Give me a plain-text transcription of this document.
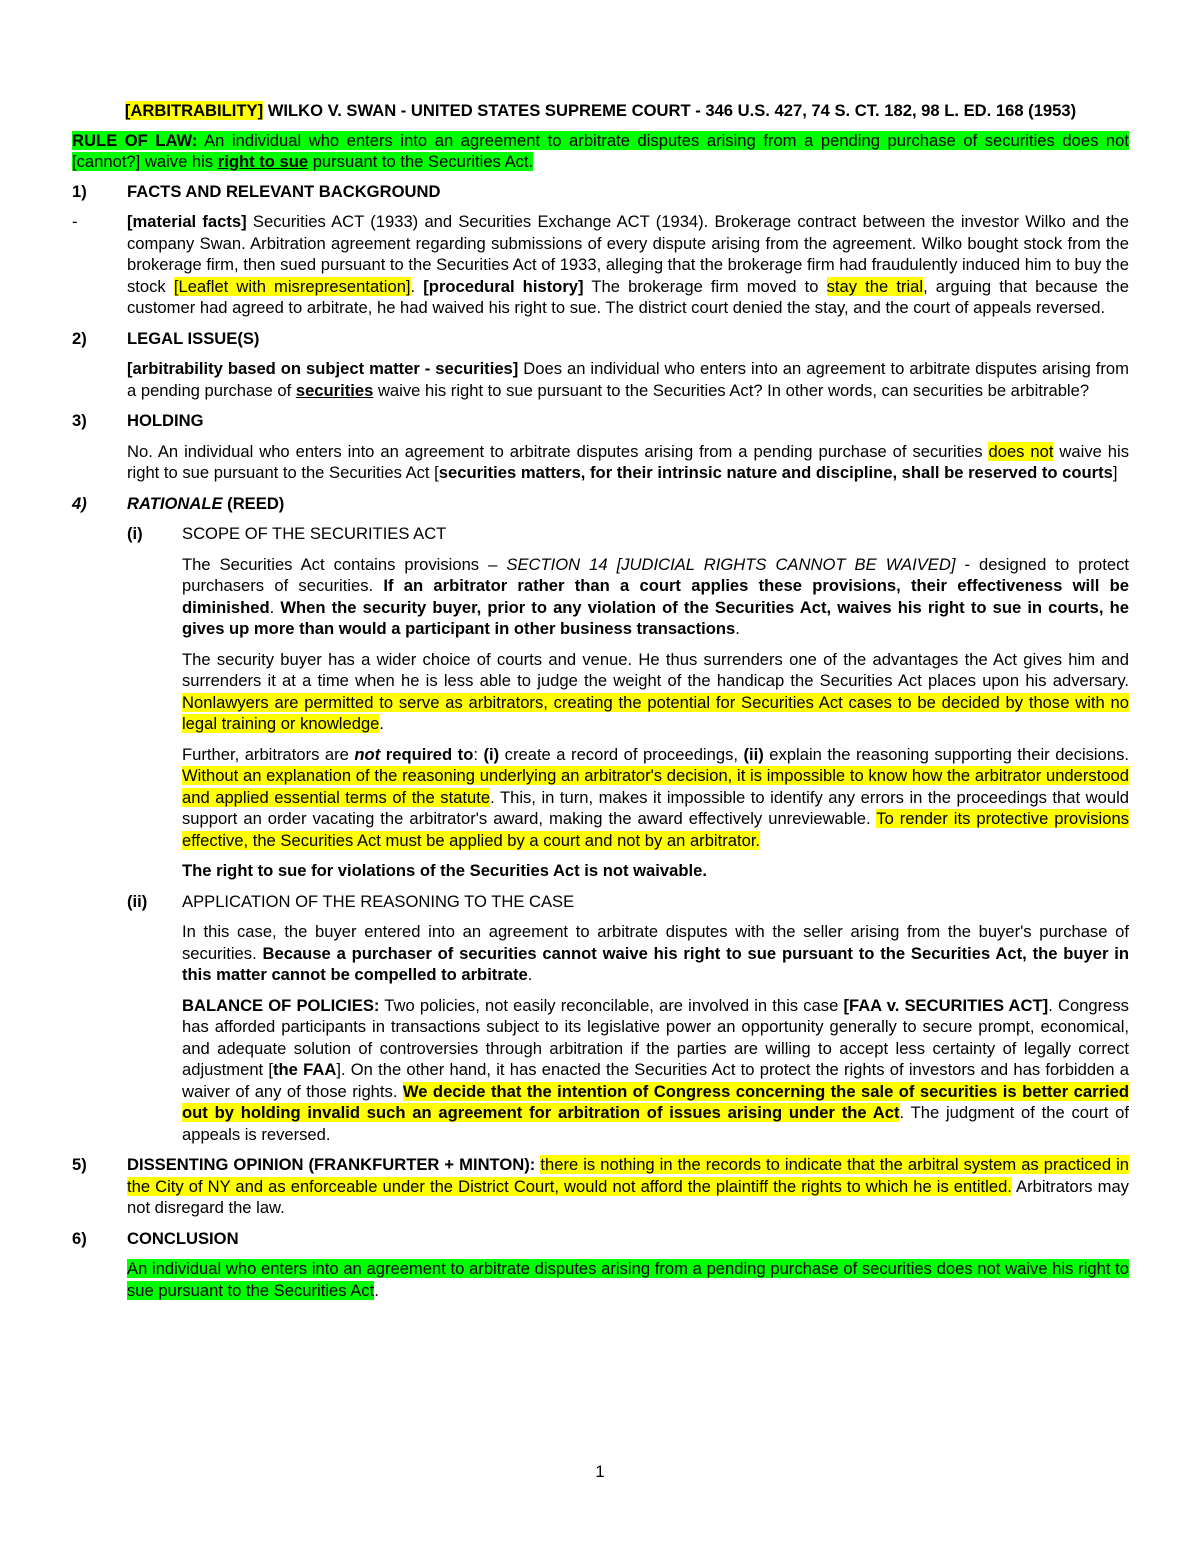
[ARBITRABILITY] WILKO V. SWAN - UNITED STATES SUPREME COURT - 346 U.S. 427, 74 S. CT. 182, 98 L. ED. 168 (1953)
RULE OF LAW: An individual who enters into an agreement to arbitrate disputes arising from a pending purchase of securities does not [cannot?] waive his right to sue pursuant to the Securities Act.
1)	FACTS AND RELEVANT BACKGROUND
-	[material facts] Securities ACT (1933) and Securities Exchange ACT (1934). Brokerage contract between the investor Wilko and the company Swan. Arbitration agreement regarding submissions of every dispute arising from the agreement. Wilko bought stock from the brokerage firm, then sued pursuant to the Securities Act of 1933, alleging that the brokerage firm had fraudulently induced him to buy the stock [Leaflet with misrepresentation]. [procedural history] The brokerage firm moved to stay the trial, arguing that because the customer had agreed to arbitrate, he had waived his right to sue. The district court denied the stay, and the court of appeals reversed.
2)	LEGAL ISSUE(S)
[arbitrability based on subject matter - securities] Does an individual who enters into an agreement to arbitrate disputes arising from a pending purchase of securities waive his right to sue pursuant to the Securities Act? In other words, can securities be arbitrable?
3)	HOLDING
No. An individual who enters into an agreement to arbitrate disputes arising from a pending purchase of securities does not waive his right to sue pursuant to the Securities Act [securities matters, for their intrinsic nature and discipline, shall be reserved to courts]
4)	RATIONALE (REED)
(i)	SCOPE OF THE SECURITIES ACT
The Securities Act contains provisions – SECTION 14 [JUDICIAL RIGHTS CANNOT BE WAIVED] - designed to protect purchasers of securities. If an arbitrator rather than a court applies these provisions, their effectiveness will be diminished. When the security buyer, prior to any violation of the Securities Act, waives his right to sue in courts, he gives up more than would a participant in other business transactions.
The security buyer has a wider choice of courts and venue. He thus surrenders one of the advantages the Act gives him and surrenders it at a time when he is less able to judge the weight of the handicap the Securities Act places upon his adversary. Nonlawyers are permitted to serve as arbitrators, creating the potential for Securities Act cases to be decided by those with no legal training or knowledge.
Further, arbitrators are not required to: (i) create a record of proceedings, (ii) explain the reasoning supporting their decisions. Without an explanation of the reasoning underlying an arbitrator's decision, it is impossible to know how the arbitrator understood and applied essential terms of the statute. This, in turn, makes it impossible to identify any errors in the proceedings that would support an order vacating the arbitrator's award, making the award effectively unreviewable. To render its protective provisions effective, the Securities Act must be applied by a court and not by an arbitrator.
The right to sue for violations of the Securities Act is not waivable.
(ii)	APPLICATION OF THE REASONING TO THE CASE
In this case, the buyer entered into an agreement to arbitrate disputes with the seller arising from the buyer's purchase of securities. Because a purchaser of securities cannot waive his right to sue pursuant to the Securities Act, the buyer in this matter cannot be compelled to arbitrate.
BALANCE OF POLICIES: Two policies, not easily reconcilable, are involved in this case [FAA v. SECURITIES ACT]. Congress has afforded participants in transactions subject to its legislative power an opportunity generally to secure prompt, economical, and adequate solution of controversies through arbitration if the parties are willing to accept less certainty of legally correct adjustment [the FAA]. On the other hand, it has enacted the Securities Act to protect the rights of investors and has forbidden a waiver of any of those rights. We decide that the intention of Congress concerning the sale of securities is better carried out by holding invalid such an agreement for arbitration of issues arising under the Act. The judgment of the court of appeals is reversed.
5)	DISSENTING OPINION (FRANKFURTER + MINTON): there is nothing in the records to indicate that the arbitral system as practiced in the City of NY and as enforceable under the District Court, would not afford the plaintiff the rights to which he is entitled. Arbitrators may not disregard the law.
6)	CONCLUSION
An individual who enters into an agreement to arbitrate disputes arising from a pending purchase of securities does not waive his right to sue pursuant to the Securities Act.
1
